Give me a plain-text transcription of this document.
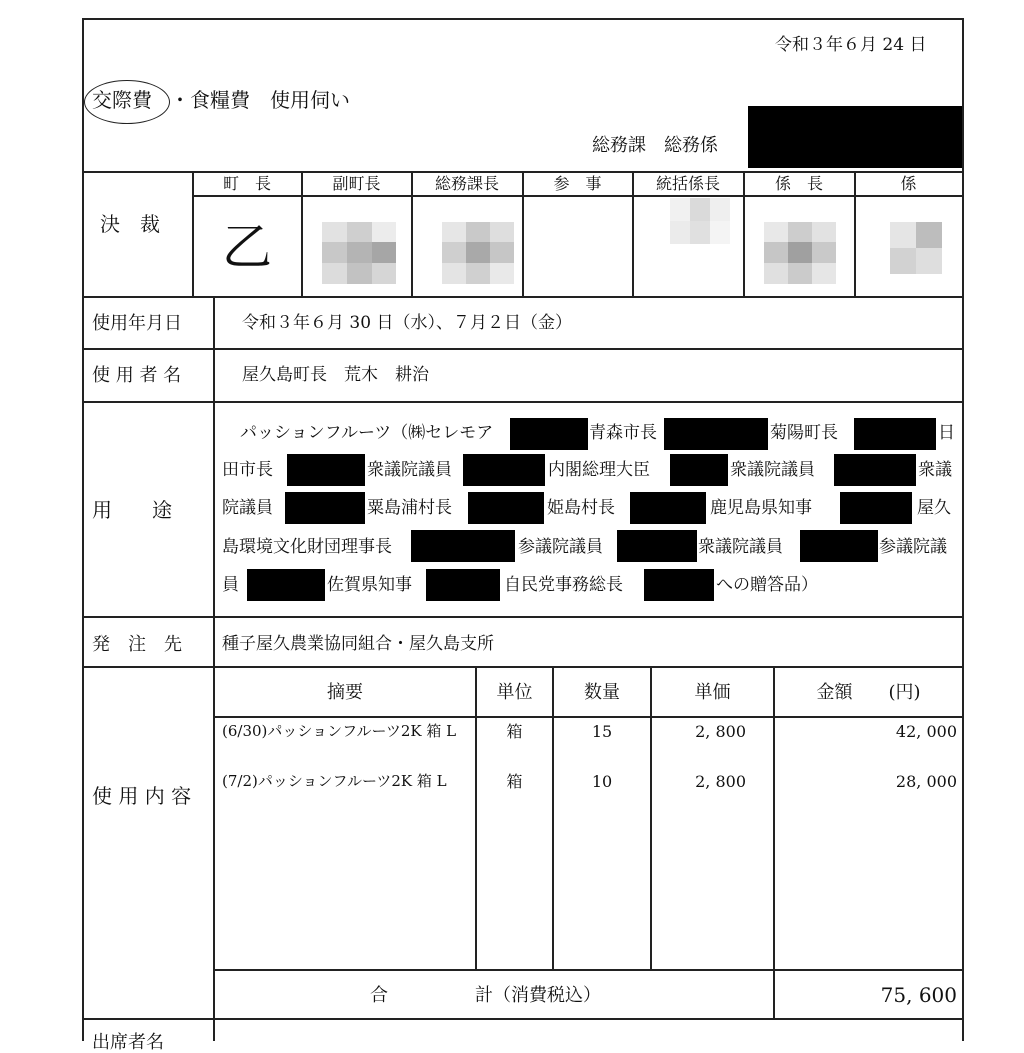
令和３年６月 24 日
交際費 ・食糧費　使用伺い
総務課　総務係
決　裁
町　長	副町長	総務課長	参　事	統括係長	係　長	係
乙
使用年月日	令和３年６月 30 日（水）、７月２日（金）
使 用 者 名	屋久島町長　荒木　耕治
用　　途
パッションフルーツ（㈱セレモア	青森市長	菊陽町長	日
田市長	衆議院議員	内閣総理大臣	衆議院議員	衆議
院議員	粟島浦村長	姫島村長	鹿児島県知事	屋久
島環境文化財団理事長	参議院議員	衆議院議員	参議院議
員	佐賀県知事	自民党事務総長	への贈答品）
発　注　先 種子屋久農業協同組合・屋久島支所
使 用 内 容
摘要	単位	数量	単価	金額　　(円)
(6/30)パッションフルーツ2K 箱 L	箱	15	2, 800	42, 000
(7/2)パッションフルーツ2K 箱 L	箱	10	2, 800	28, 000
合	計（消費税込）	75, 600
出席者名
